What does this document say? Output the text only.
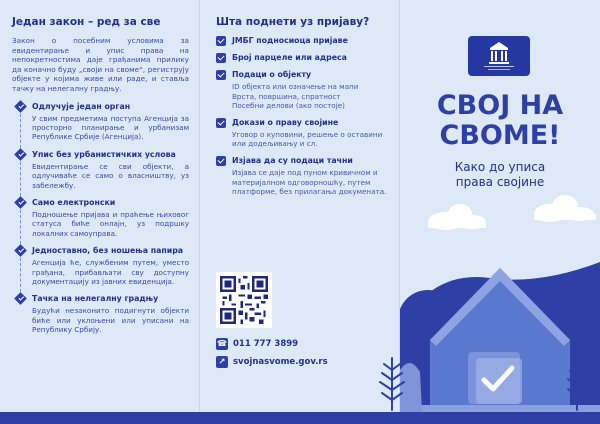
Један закон – ред за све

Закон о посебним условима за евидентирање и упис права на непокретностима даје грађанима прилику да коначно буду „своји на своме“, региструју објекте у којима живе или раде, и ставља тачку на нелегалну градњу.

Одлучује један орган
У свим предметима поступа Агенција за просторно планирање и урбанизам Републике Србије (Агенција).
Упис без урбанистичких услова
Евидентирање се сви објекти, а одлучиваће се само о власништву, уз забележбу.
Само електронски
Подношење пријава и праћење њиховог статуса биће онлајн, уз подршку локалних самоуправа.
Једноставно, без ношења папира
Агенција ће, службеним путем, уместо грађана, прибављати сву доступну документацију из јавних евиденција.
Тачка на нелегалну градњу
Будући незаконито подигнути објекти биће или уклоњени или уписани на Републику Србију.
Шта поднети уз пријаву?
ЈМБГ подносиоца пријаве
Број парцеле или адреса
Подаци о објекту
ID објекта или означење на мапи
Врста, површина, спратност
Посебни делови (ако постоје)
Докази о праву својине
Уговор о куповини, решење о оставини или додељивању и сл.
Изјава да су подаци тачни
Изјава се даје под пуном кривичном и материјалном одговорношћу, путем платформе, без прилагања докумената.
☎ 011 777 3899
↗ svojnasvome.gov.rs
СВОЈ НА
СВОМЕ!
Како до уписа
права својине
